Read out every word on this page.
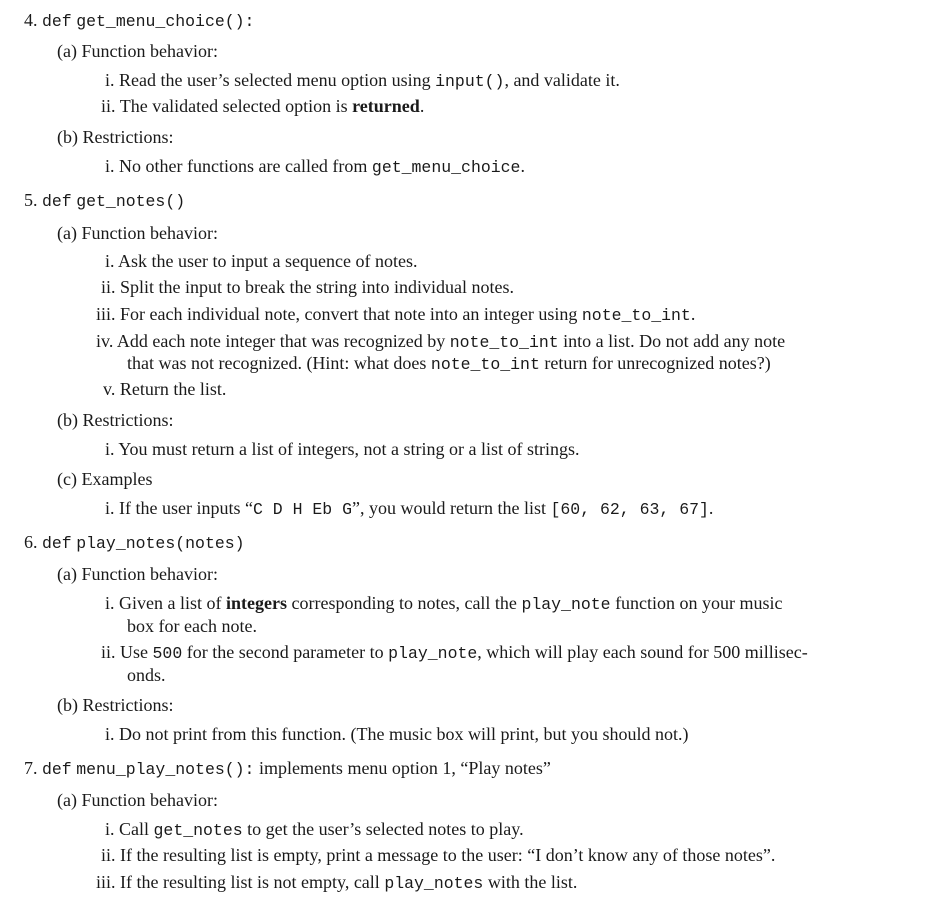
4. def get_menu_choice():
(a) Function behavior:
i. Read the user’s selected menu option using input(), and validate it.
ii. The validated selected option is returned.
(b) Restrictions:
i. No other functions are called from get_menu_choice.
5. def get_notes()
(a) Function behavior:
i. Ask the user to input a sequence of notes.
ii. Split the input to break the string into individual notes.
iii. For each individual note, convert that note into an integer using note_to_int.
iv. Add each note integer that was recognized by note_to_int into a list. Do not add any note
that was not recognized. (Hint: what does note_to_int return for unrecognized notes?)
v. Return the list.
(b) Restrictions:
i. You must return a list of integers, not a string or a list of strings.
(c) Examples
i. If the user inputs “C D H Eb G”, you would return the list [60, 62, 63, 67].
6. def play_notes(notes)
(a) Function behavior:
i. Given a list of integers corresponding to notes, call the play_note function on your music
box for each note.
ii. Use 500 for the second parameter to play_note, which will play each sound for 500 millisec-
onds.
(b) Restrictions:
i. Do not print from this function. (The music box will print, but you should not.)
7. def menu_play_notes(): implements menu option 1, “Play notes”
(a) Function behavior:
i. Call get_notes to get the user’s selected notes to play.
ii. If the resulting list is empty, print a message to the user: “I don’t know any of those notes”.
iii. If the resulting list is not empty, call play_notes with the list.
